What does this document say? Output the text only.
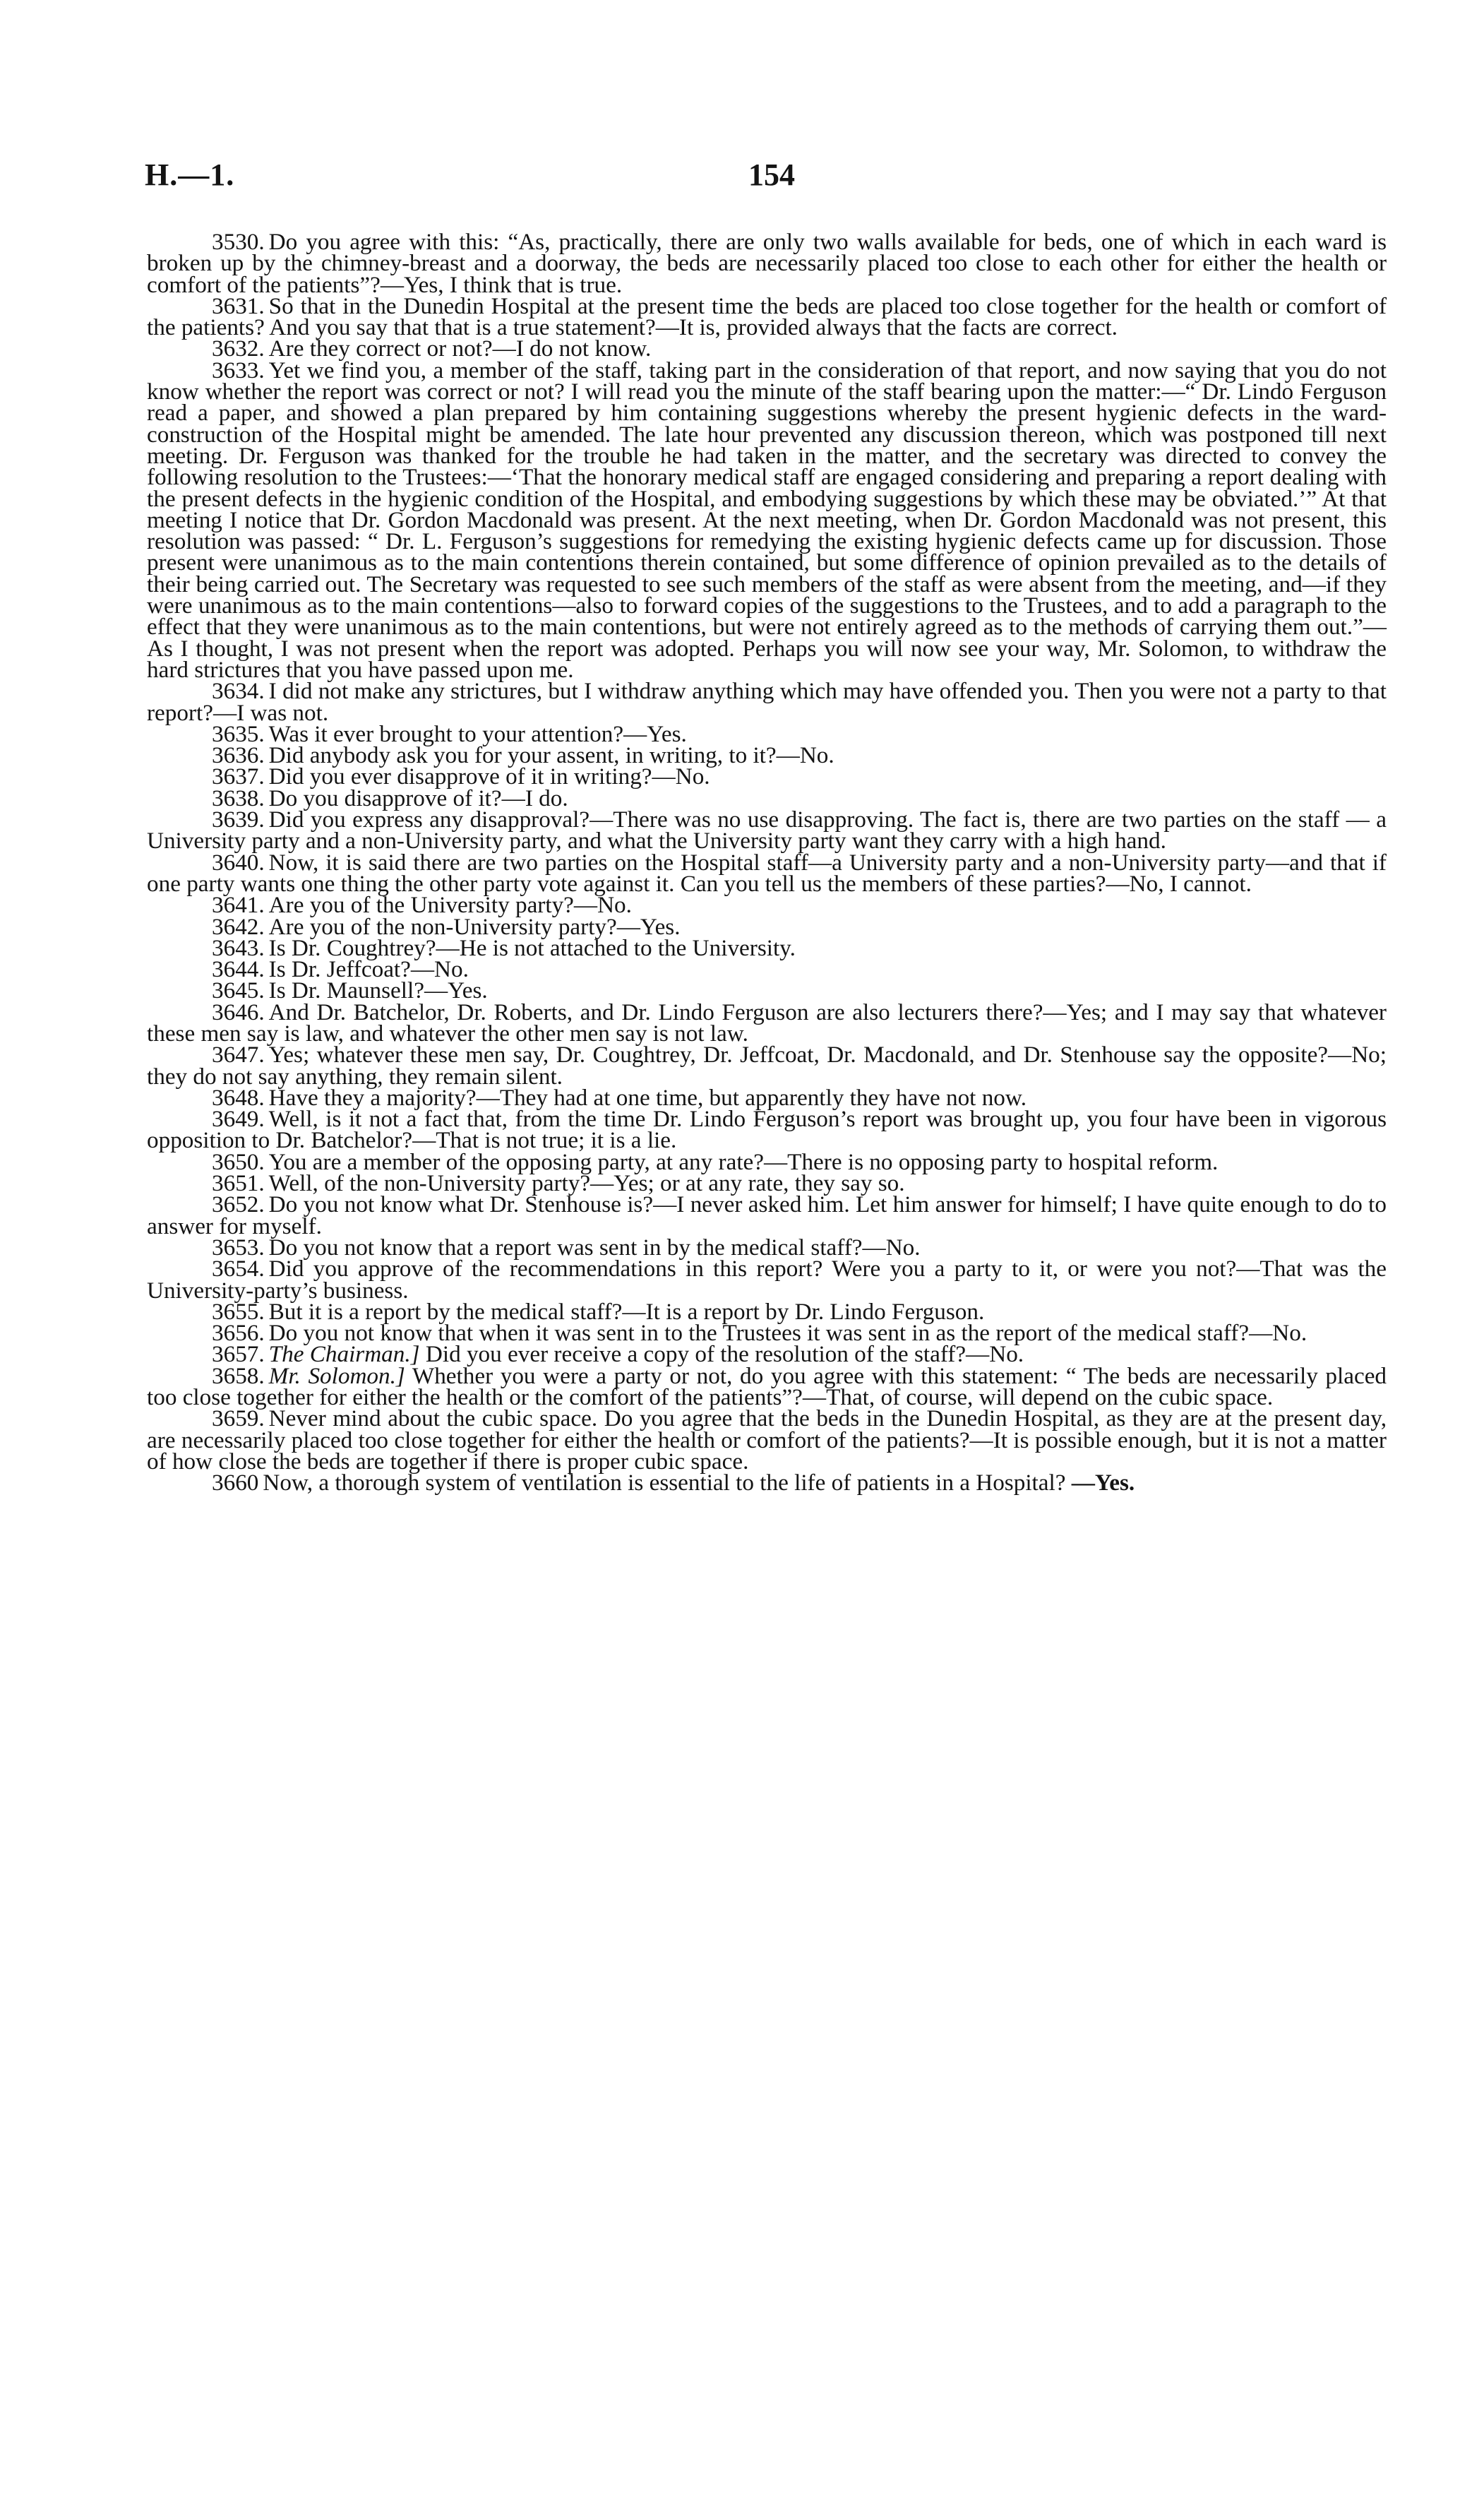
H.—1.	154

3530. Do you agree with this: “As, practically, there are only two walls available for beds, one of which in each ward is broken up by the chimney-breast and a doorway, the beds are necessarily placed too close to each other for either the health or comfort of the patients”?—Yes, I think that is true.

3631. So that in the Dunedin Hospital at the present time the beds are placed too close together for the health or comfort of the patients? And you say that that is a true statement?—It is, provided always that the facts are correct.

3632. Are they correct or not?—I do not know.

3633. Yet we find you, a member of the staff, taking part in the consideration of that report, and now saying that you do not know whether the report was correct or not? I will read you the minute of the staff bearing upon the matter:—“ Dr. Lindo Ferguson read a paper, and showed a plan prepared by him containing suggestions whereby the present hygienic defects in the ward-construction of the Hospital might be amended. The late hour prevented any discussion thereon, which was postponed till next meeting. Dr. Ferguson was thanked for the trouble he had taken in the matter, and the secretary was directed to convey the following resolution to the Trustees:—‘That the honorary medical staff are engaged considering and preparing a report dealing with the present defects in the hygienic condition of the Hospital, and embodying suggestions by which these may be obviated.’” At that meeting I notice that Dr. Gordon Macdonald was present. At the next meeting, when Dr. Gordon Macdonald was not present, this resolution was passed: “ Dr. L. Ferguson’s suggestions for remedying the existing hygienic defects came up for discussion. Those present were unanimous as to the main contentions therein contained, but some difference of opinion prevailed as to the details of their being carried out. The Secretary was requested to see such members of the staff as were absent from the meeting, and—if they were unanimous as to the main contentions—also to forward copies of the suggestions to the Trustees, and to add a paragraph to the effect that they were unanimous as to the main contentions, but were not entirely agreed as to the methods of carrying them out.”—As I thought, I was not present when the report was adopted. Perhaps you will now see your way, Mr. Solomon, to withdraw the hard strictures that you have passed upon me.

3634. I did not make any strictures, but I withdraw anything which may have offended you. Then you were not a party to that report?—I was not.

3635. Was it ever brought to your attention?—Yes.

3636. Did anybody ask you for your assent, in writing, to it?—No.

3637. Did you ever disapprove of it in writing?—No.

3638. Do you disapprove of it?—I do.

3639. Did you express any disapproval?—There was no use disapproving. The fact is, there are two parties on the staff — a University party and a non-University party, and what the University party want they carry with a high hand.

3640. Now, it is said there are two parties on the Hospital staff—a University party and a non-University party—and that if one party wants one thing the other party vote against it. Can you tell us the members of these parties?—No, I cannot.

3641. Are you of the University party?—No.

3642. Are you of the non-University party?—Yes.

3643. Is Dr. Coughtrey?—He is not attached to the University.

3644. Is Dr. Jeffcoat?—No.

3645. Is Dr. Maunsell?—Yes.

3646. And Dr. Batchelor, Dr. Roberts, and Dr. Lindo Ferguson are also lecturers there?—Yes; and I may say that whatever these men say is law, and whatever the other men say is not law.

3647. Yes; whatever these men say, Dr. Coughtrey, Dr. Jeffcoat, Dr. Macdonald, and Dr. Stenhouse say the opposite?—No; they do not say anything, they remain silent.

3648. Have they a majority?—They had at one time, but apparently they have not now.

3649. Well, is it not a fact that, from the time Dr. Lindo Ferguson’s report was brought up, you four have been in vigorous opposition to Dr. Batchelor?—That is not true; it is a lie.

3650. You are a member of the opposing party, at any rate?—There is no opposing party to hospital reform.

3651. Well, of the non-University party?—Yes; or at any rate, they say so.

3652. Do you not know what Dr. Stenhouse is?—I never asked him. Let him answer for himself; I have quite enough to do to answer for myself.

3653. Do you not know that a report was sent in by the medical staff?—No.

3654. Did you approve of the recommendations in this report? Were you a party to it, or were you not?—That was the University-party’s business.

3655. But it is a report by the medical staff?—It is a report by Dr. Lindo Ferguson.

3656. Do you not know that when it was sent in to the Trustees it was sent in as the report of the medical staff?—No.

3657. The Chairman.] Did you ever receive a copy of the resolution of the staff?—No.

3658. Mr. Solomon.] Whether you were a party or not, do you agree with this statement: “ The beds are necessarily placed too close together for either the health or the comfort of the patients”?—That, of course, will depend on the cubic space.

3659. Never mind about the cubic space. Do you agree that the beds in the Dunedin Hospital, as they are at the present day, are necessarily placed too close together for either the health or comfort of the patients?—It is possible enough, but it is not a matter of how close the beds are together if there is proper cubic space.

3660 Now, a thorough system of ventilation is essential to the life of patients in a Hospital? —Yes.
